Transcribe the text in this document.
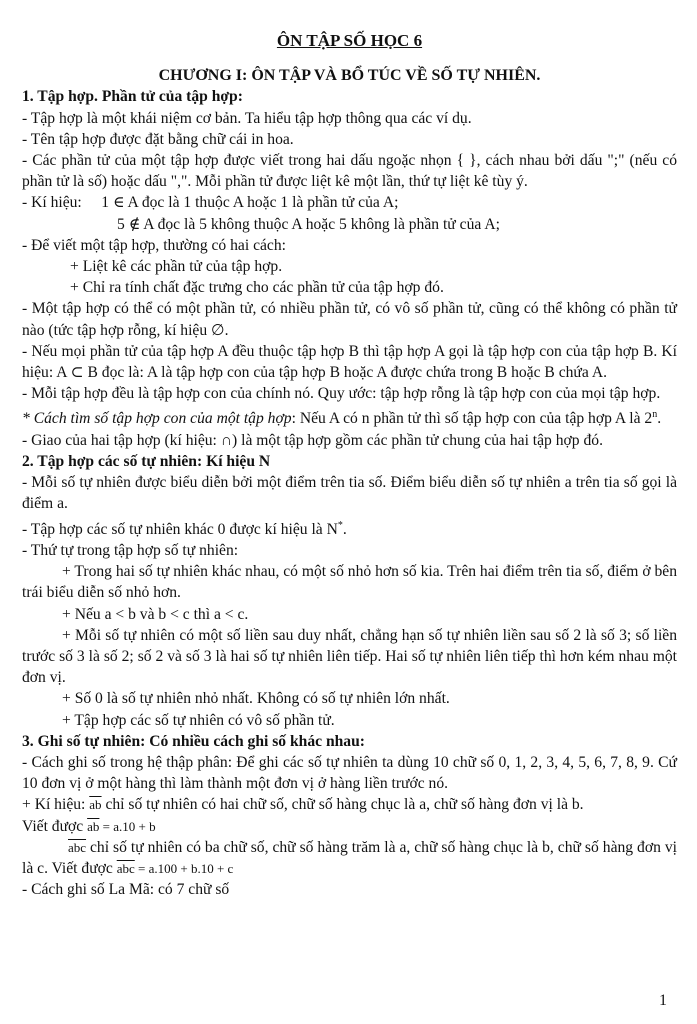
ÔN TẬP SỐ HỌC 6
CHƯƠNG I: ÔN TẬP VÀ BỔ TÚC VỀ SỐ TỰ NHIÊN.
1. Tập hợp. Phần tử của tập hợp:
- Tập hợp là một khái niệm cơ bản. Ta hiểu tập hợp thông qua các ví dụ.
- Tên tập hợp được đặt bằng chữ cái in hoa.
- Các phần tử của một tập hợp được viết trong hai dấu ngoặc nhọn { }, cách nhau bởi dấu ";" (nếu có phần tử là số) hoặc dấu ",". Mỗi phần tử được liệt kê một lần, thứ tự liệt kê tùy ý.
- Kí hiệu:     1 ∈ A đọc là 1 thuộc A hoặc 1 là phần tử của A;
5 ∉ A đọc là 5 không thuộc A hoặc 5 không là phần tử của A;
- Để viết một tập hợp, thường có hai cách:
+ Liệt kê các phần tử của tập hợp.
+ Chỉ ra tính chất đặc trưng cho các phần tử của tập hợp đó.
- Một tập hợp có thể có một phần tử, có nhiều phần tử, có vô số phần tử, cũng có thể không có phần tử nào (tức tập hợp rỗng, kí hiệu ∅.
- Nếu mọi phần tử của tập hợp A đều thuộc tập hợp B thì tập hợp A gọi là tập hợp con của tập hợp B. Kí hiệu: A ⊂ B đọc là: A là tập hợp con của tập hợp B hoặc A được chứa trong B hoặc B chứa A.
- Mỗi tập hợp đều là tập hợp con của chính nó. Quy ước: tập hợp rỗng là tập hợp con của mọi tập hợp.
* Cách tìm số tập hợp con của một tập hợp: Nếu A có n phần tử thì số tập hợp con của tập hợp A là 2$^n$.
- Giao của hai tập hợp (kí hiệu: ∩) là một tập hợp gồm các phần tử chung của hai tập hợp đó.
2. Tập hợp các số tự nhiên: Kí hiệu N
- Mỗi số tự nhiên được biểu diễn bởi một điểm trên tia số. Điểm biểu diễn số tự nhiên a trên tia số gọi là điểm a.
- Tập hợp các số tự nhiên khác 0 được kí hiệu là N*.
- Thứ tự trong tập hợp số tự nhiên:
+ Trong hai số tự nhiên khác nhau, có một số nhỏ hơn số kia. Trên hai điểm trên tia số, điểm ở bên trái biểu diễn số nhỏ hơn.
+ Nếu a < b và b < c thì a < c.
+ Mỗi số tự nhiên có một số liền sau duy nhất, chẳng hạn số tự nhiên liền sau số 2 là số 3; số liền trước số 3 là số 2; số 2 và số 3 là hai số tự nhiên liên tiếp. Hai số tự nhiên liên tiếp thì hơn kém nhau một đơn vị.
+ Số 0 là số tự nhiên nhỏ nhất. Không có số tự nhiên lớn nhất.
+ Tập hợp các số tự nhiên có vô số phần tử.
3. Ghi số tự nhiên: Có nhiều cách ghi số khác nhau:
- Cách ghi số trong hệ thập phân: Để ghi các số tự nhiên ta dùng 10 chữ số 0, 1, 2, 3, 4, 5, 6, 7, 8, 9. Cứ 10 đơn vị ở một hàng thì làm thành một đơn vị ở hàng liền trước nó.
+ Kí hiệu: $\overline{ab}$ chỉ số tự nhiên có hai chữ số, chữ số hàng chục là a, chữ số hàng đơn vị là b.
Viết được $\overline{ab} = a.10 + b$
$\overline{abc}$ chỉ số tự nhiên có ba chữ số, chữ số hàng trăm là a, chữ số hàng chục là b, chữ số hàng đơn vị là c. Viết được $\overline{abc} = a.100 + b.10 + c$
- Cách ghi số La Mã: có 7 chữ số
1
